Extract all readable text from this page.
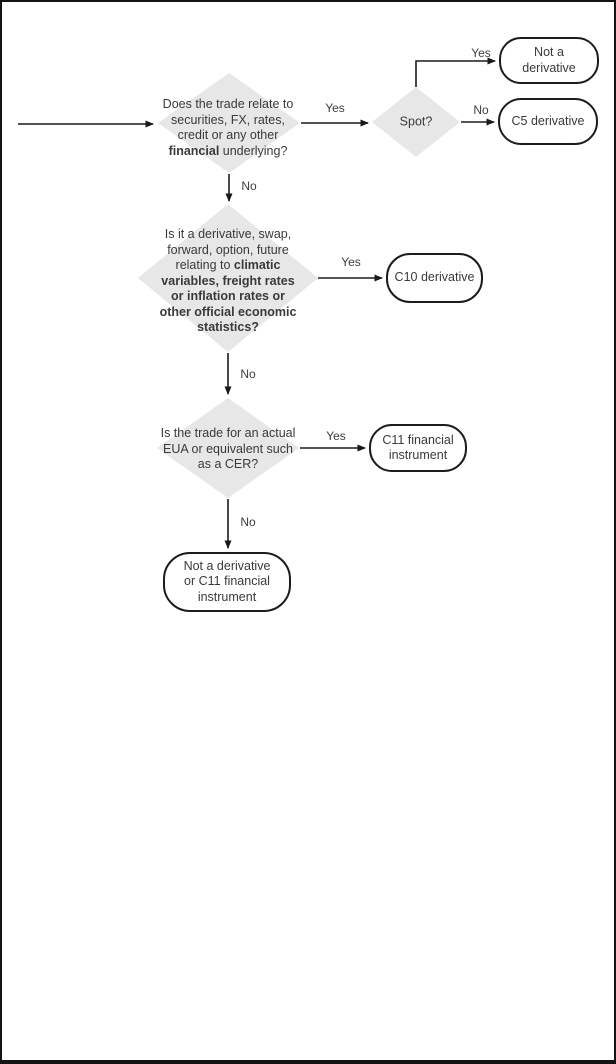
Does the trade relate to
securities, FX, rates,
credit or any other
financial underlying?
Spot?
Is it a derivative, swap,
forward, option, future
relating to climatic
variables, freight rates
or inflation rates or
other official economic
statistics?
Is the trade for an actual
EUA or equivalent such
as a CER?
Not a
derivative
C5 derivative
C10 derivative
C11 financial
instrument
Not a derivative
or C11 financial
instrument
Yes
No
Yes
No
Yes
No
Yes
No
